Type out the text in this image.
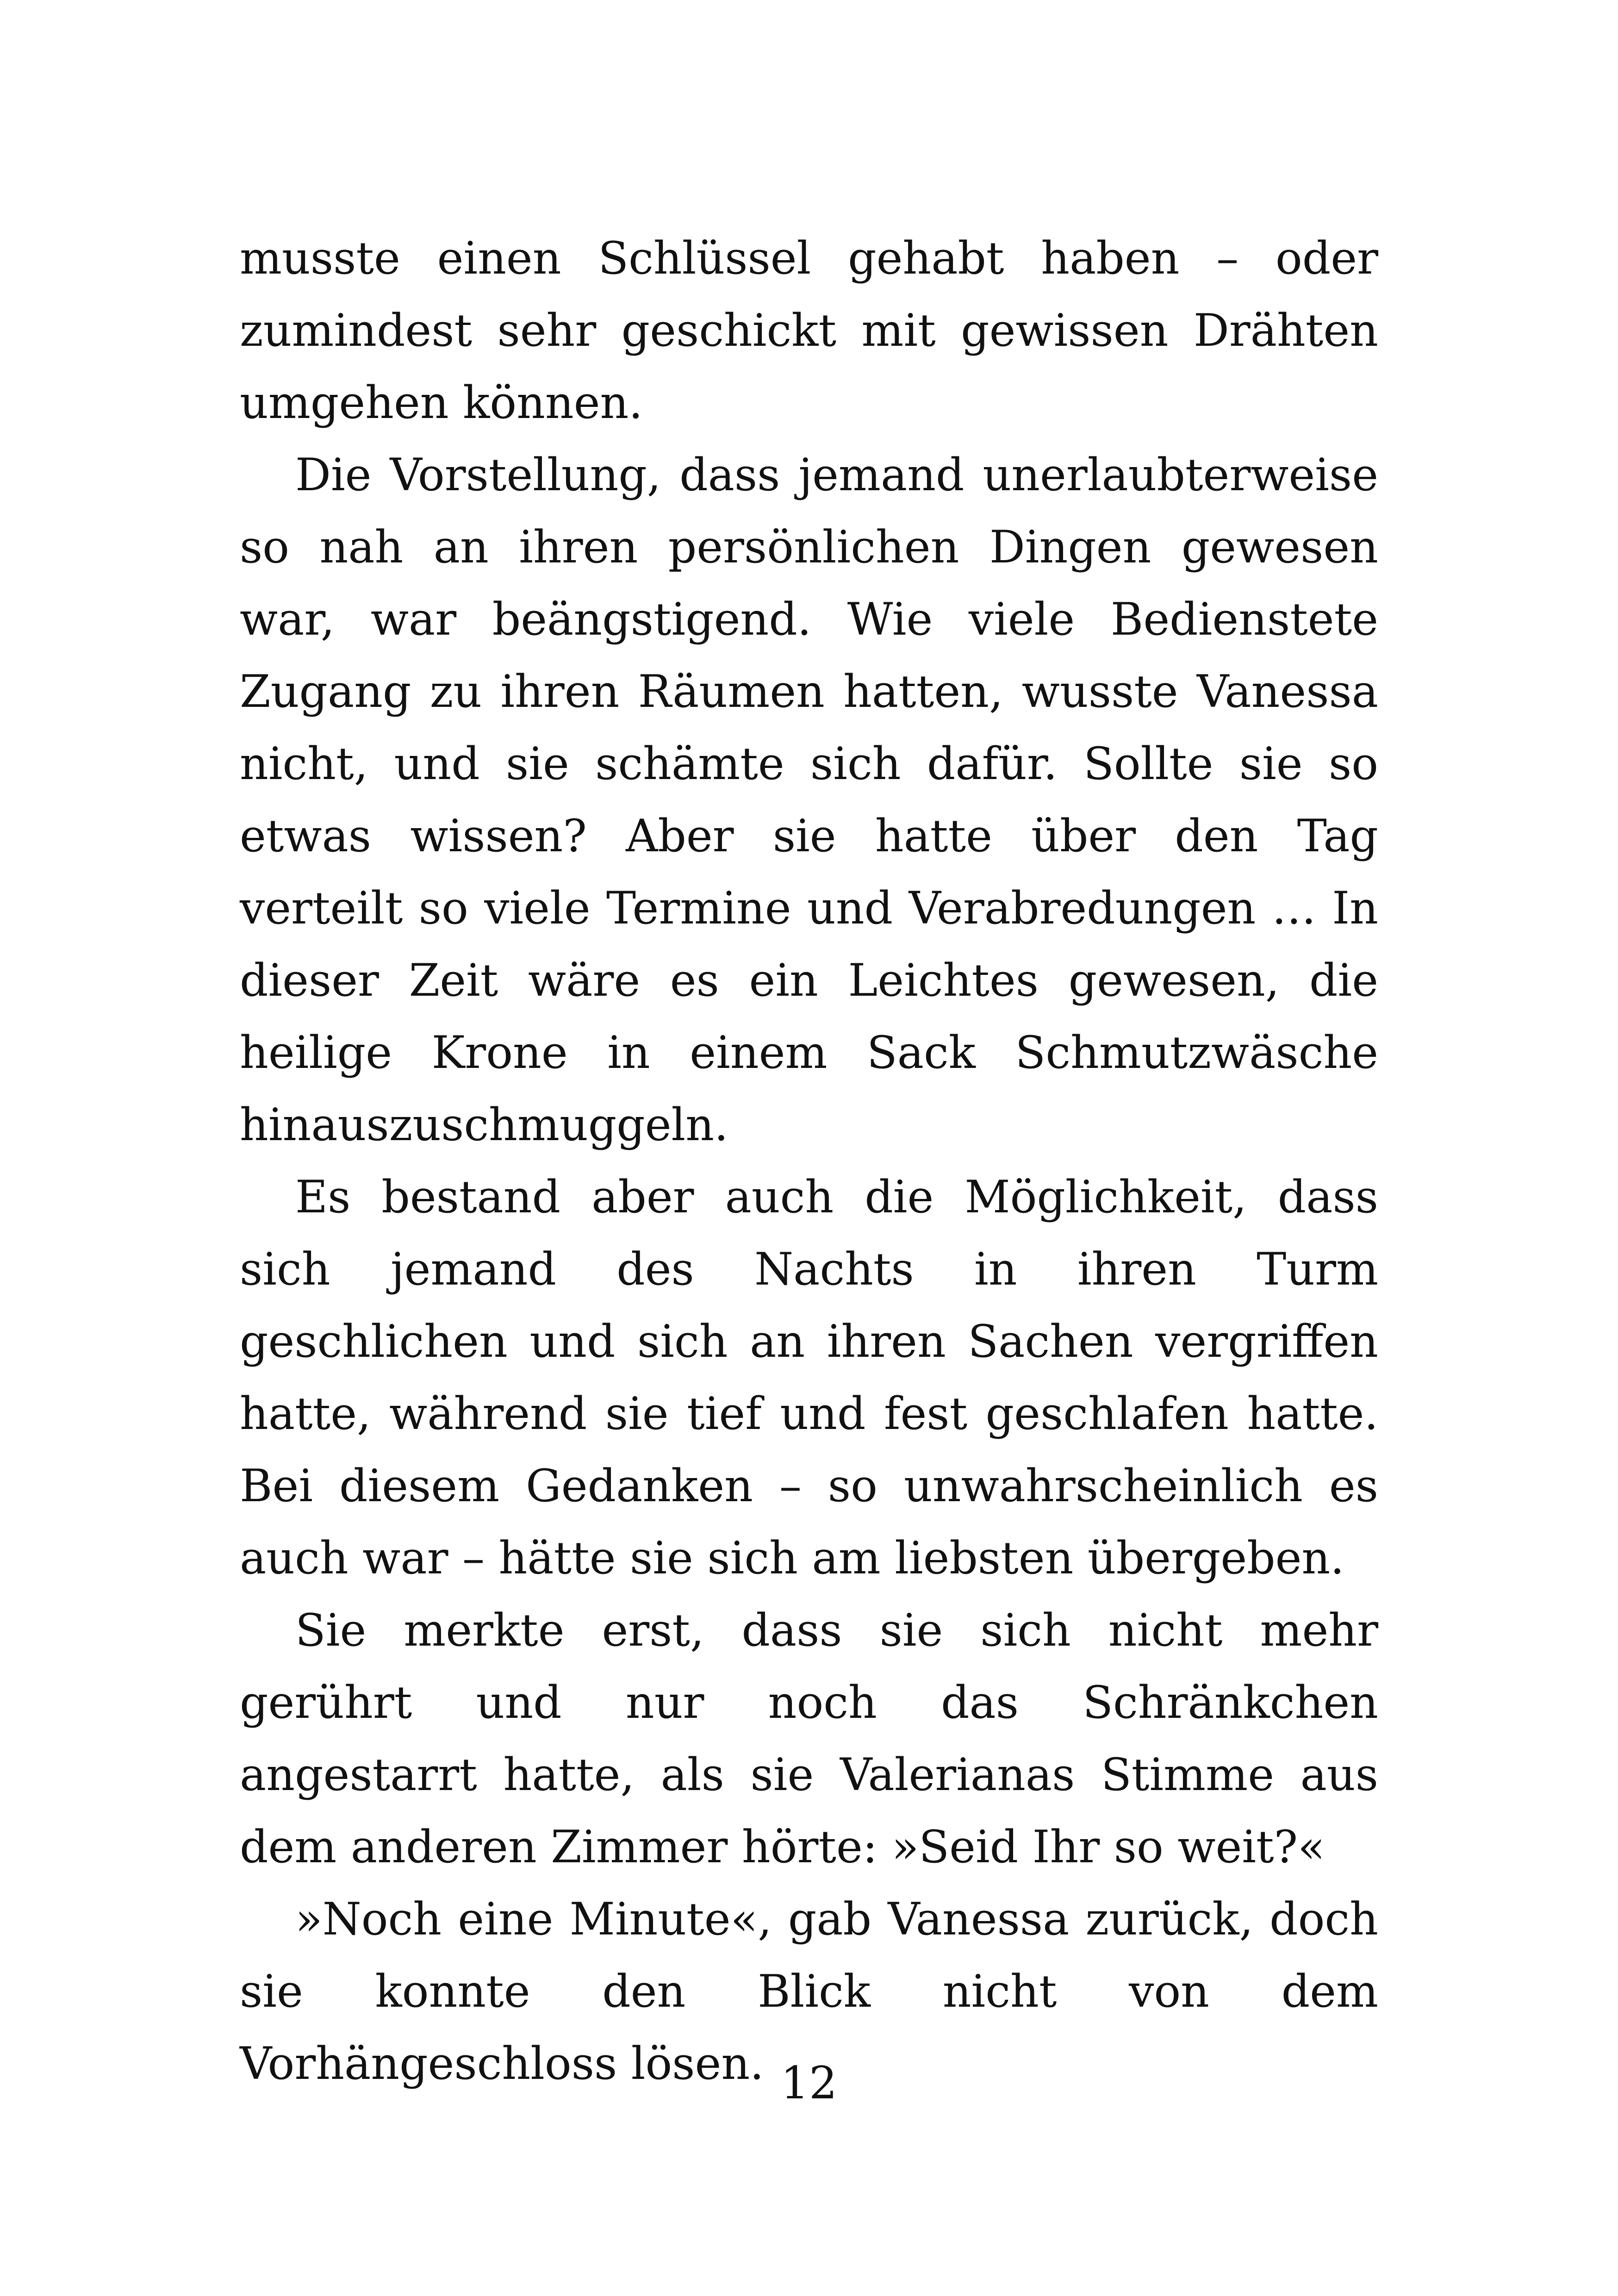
musste einen Schlüssel gehabt haben – oder zumindest sehr geschickt mit gewissen Drähten umgehen können.

Die Vorstellung, dass jemand unerlaubterweise so nah an ihren persönlichen Dingen gewesen war, war beängstigend. Wie viele Bedienstete Zugang zu ihren Räumen hatten, wusste Vanessa nicht, und sie schämte sich dafür. Sollte sie so etwas wissen? Aber sie hatte über den Tag verteilt so viele Termine und Verabredungen … In dieser Zeit wäre es ein Leichtes gewesen, die heilige Krone in einem Sack Schmutzwäsche hinauszuschmuggeln.

Es bestand aber auch die Möglichkeit, dass sich jemand des Nachts in ihren Turm geschlichen und sich an ihren Sachen vergriffen hatte, während sie tief und fest geschlafen hatte. Bei diesem Gedanken – so unwahrscheinlich es auch war – hätte sie sich am liebsten übergeben.

Sie merkte erst, dass sie sich nicht mehr gerührt und nur noch das Schränkchen angestarrt hatte, als sie Valerianas Stimme aus dem anderen Zimmer hörte: »Seid Ihr so weit?«

»Noch eine Minute«, gab Vanessa zurück, doch sie konnte den Blick nicht von dem Vorhängeschloss lösen. 12
